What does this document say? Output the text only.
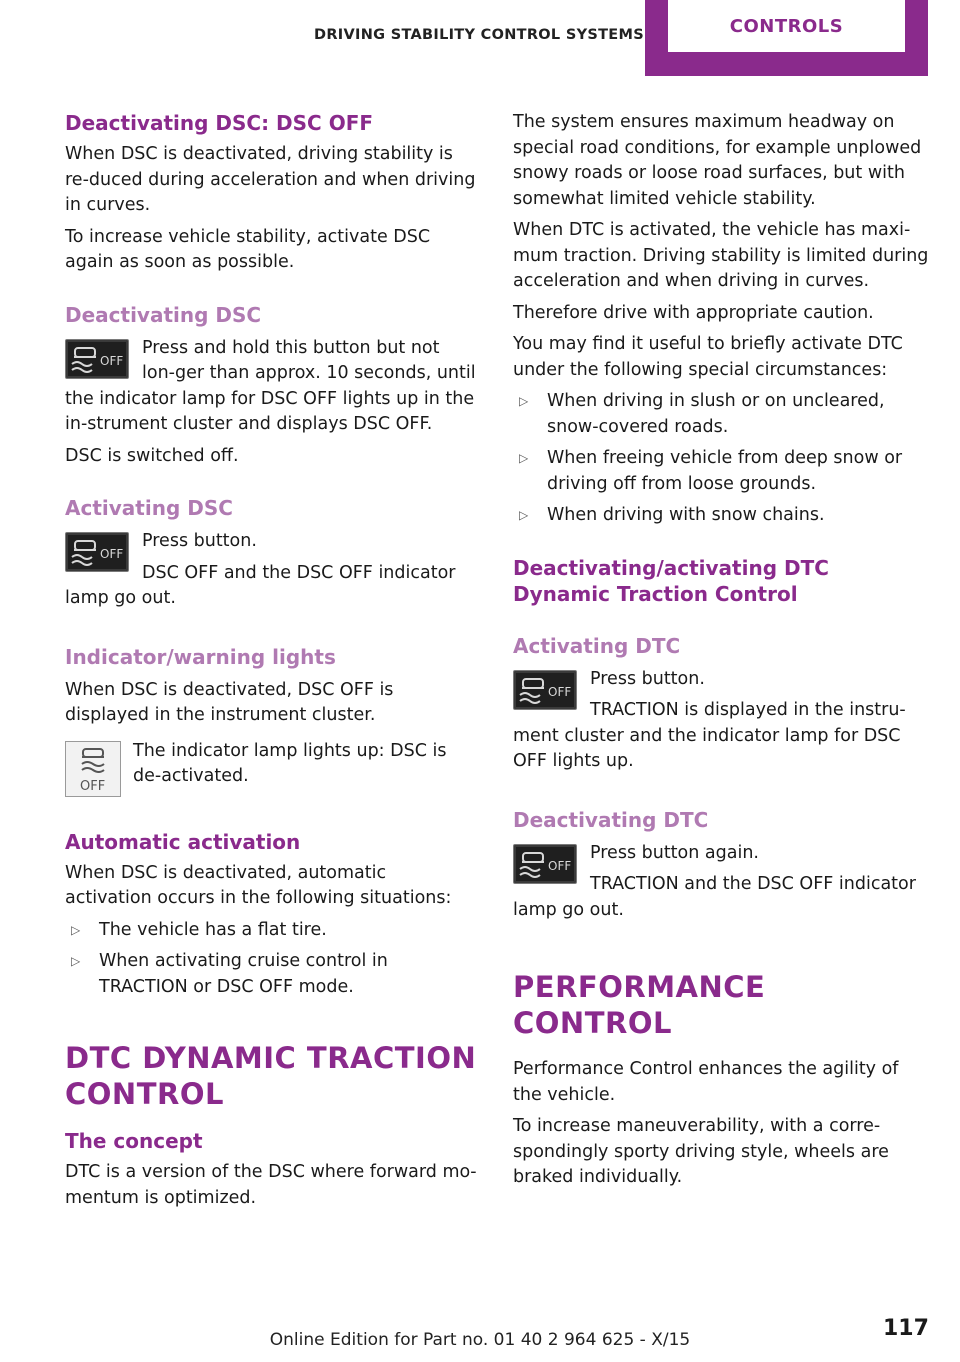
DRIVING STABILITY CONTROL SYSTEMS	CONTROLS
Deactivating DSC: DSC OFF

When DSC is deactivated, driving stability is re‐duced during acceleration and when driving in curves.

To increase vehicle stability, activate DSC again as soon as possible.

Deactivating DSC
OFF

Press and hold this button but not lon‐ger than approx. 10 seconds, until the indicator lamp for DSC OFF lights up in the in‐strument cluster and displays DSC OFF.

DSC is switched off.

Activating DSC
OFF

Press button.

DSC OFF and the DSC OFF indicator lamp go out.

Indicator/warning lights

When DSC is deactivated, DSC OFF is displayed in the instrument cluster.

OFF

The indicator lamp lights up: DSC is de‐activated.

Automatic activation

When DSC is deactivated, automatic activation occurs in the following situations:

▷ The vehicle has a flat tire.
▷ When activating cruise control in TRACTION or DSC OFF mode.
DTC DYNAMIC TRACTION CONTROL
The concept

DTC is a version of the DSC where forward mo‐mentum is optimized.

The system ensures maximum headway on special road conditions, for example unplowed snowy roads or loose road surfaces, but with somewhat limited vehicle stability.

When DTC is activated, the vehicle has maxi‐mum traction. Driving stability is limited during acceleration and when driving in curves.

Therefore drive with appropriate caution.

You may find it useful to briefly activate DTC under the following special circumstances:

▷ When driving in slush or on uncleared, snow-covered roads.
▷ When freeing vehicle from deep snow or driving off from loose grounds.
▷ When driving with snow chains.
Deactivating/activating DTC Dynamic Traction Control
Activating DTC
OFF

Press button.

TRACTION is displayed in the instru‐ment cluster and the indicator lamp for DSC OFF lights up.

Deactivating DTC
OFF

Press button again.

TRACTION and the DSC OFF indicator lamp go out.

PERFORMANCE CONTROL

Performance Control enhances the agility of the vehicle.

To increase maneuverability, with a corre‐spondingly sporty driving style, wheels are braked individually.

117
Online Edition for Part no. 01 40 2 964 625 - X/15
